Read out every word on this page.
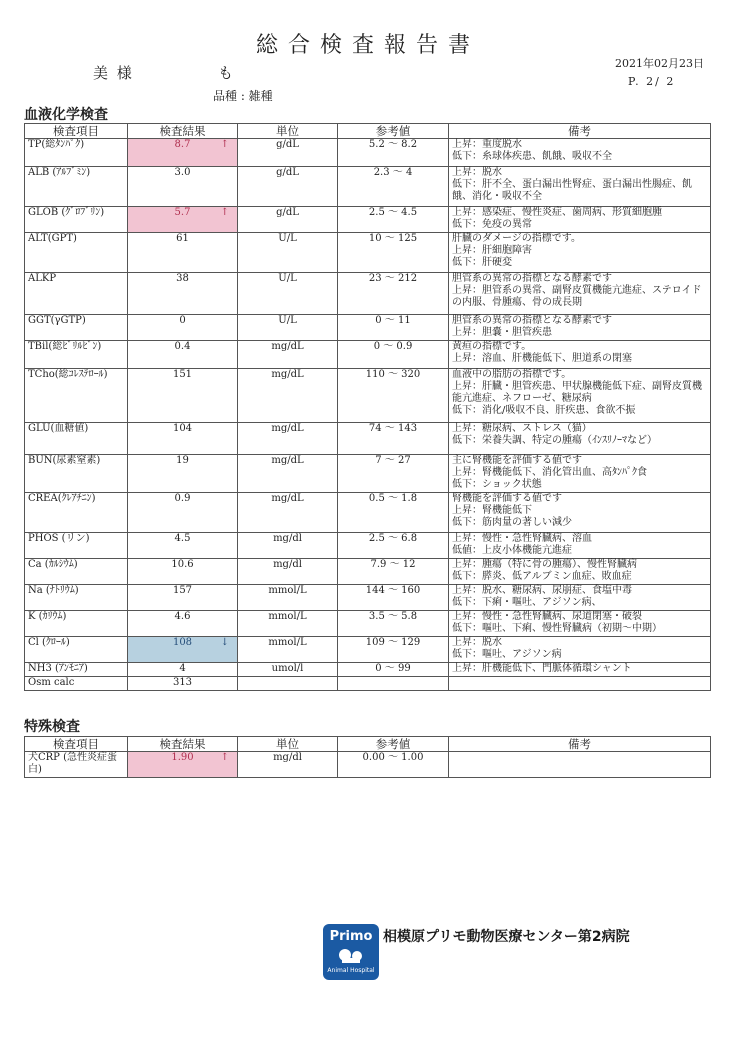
総合検査報告書
2021年02月23日
P. 2/ 2
美 様	も
品種 : 雑種
血液化学検査
検査項目	検査結果	単位	参考値	備考
TP(総ﾀﾝﾊﾟｸ)	8.7 ↑	g/dL	5.2 ～ 8.2	上昇：重度脱水
低下：糸球体疾患、飢餓、吸収不全
ALB (ｱﾙﾌﾞﾐﾝ)	3.0	g/dL	2.3 ～ 4	上昇：脱水
低下：肝不全、蛋白漏出性腎症、蛋白漏出性腸症、飢餓、消化・吸収不全
GLOB (ｸﾞﾛﾌﾞﾘﾝ)	5.7 ↑	g/dL	2.5 ～ 4.5	上昇：感染症、慢性炎症、歯周病、形質細胞腫
低下：免疫の異常
ALT(GPT)	61	U/L	10 ～ 125	肝臓のダメージの指標です。
上昇：肝細胞障害
低下：肝硬変
ALKP	38	U/L	23 ～ 212	胆管系の異常の指標となる酵素です
上昇：胆管系の異常、副腎皮質機能亢進症、ステロイドの内服、骨腫瘍、骨の成長期
GGT(γGTP)	0	U/L	0 ～ 11	胆管系の異常の指標となる酵素です
上昇：胆嚢・胆管疾患
TBil(総ﾋﾞﾘﾙﾋﾞﾝ)	0.4	mg/dL	0 ～ 0.9	黄疸の指標です。
上昇：溶血、肝機能低下、胆道系の閉塞
TCho(総ｺﾚｽﾃﾛｰﾙ)	151	mg/dL	110 ～ 320	血液中の脂肪の指標です。
上昇：肝臓・胆管疾患、甲状腺機能低下症、副腎皮質機能亢進症、ネフローゼ、糖尿病
低下：消化/吸収不良、肝疾患、食欲不振
GLU(血糖値)	104	mg/dL	74 ～ 143	上昇：糖尿病、ストレス（猫）
低下：栄養失調、特定の腫瘍（ｲﾝｽﾘﾉｰﾏなど）
BUN(尿素窒素)	19	mg/dL	7 ～ 27	主に腎機能を評価する値です
上昇：腎機能低下、消化管出血、高ﾀﾝﾊﾟｸ食
低下：ショック状態
CREA(ｸﾚｱﾁﾆﾝ)	0.9	mg/dL	0.5 ～ 1.8	腎機能を評価する値です
上昇：腎機能低下
低下：筋肉量の著しい減少
PHOS (リン)	4.5	mg/dl	2.5 ～ 6.8	上昇：慢性・急性腎臓病、溶血
低値：上皮小体機能亢進症
Ca (ｶﾙｼｳﾑ)	10.6	mg/dl	7.9 ～ 12	上昇：腫瘍（特に骨の腫瘍）、慢性腎臓病
低下：膵炎、低アルブミン血症、敗血症
Na (ﾅﾄﾘｳﾑ)	157	mmol/L	144 ～ 160	上昇：脱水、糖尿病、尿崩症、食塩中毒
低下：下痢・嘔吐、アジソン病、
K (ｶﾘｳﾑ)	4.6	mmol/L	3.5 ～ 5.8	上昇：慢性・急性腎臓病、尿道閉塞・破裂
低下：嘔吐、下痢、慢性腎臓病（初期～中期）
Cl (ｸﾛｰﾙ)	108 ↓	mmol/L	109 ～ 129	上昇：脱水
低下：嘔吐、アジソン病
NH3 (ｱﾝﾓﾆｱ)	4	umol/l	0 ～ 99	上昇：肝機能低下、門脈体循環シャント
Osm calc	313			
特殊検査
検査項目	検査結果	単位	参考値	備考
犬CRP (急性炎症蛋白)	1.90 ↑	mg/dl	0.00 ～ 1.00	
Primo
Animal Hospital
相模原プリモ動物医療センター第2病院
